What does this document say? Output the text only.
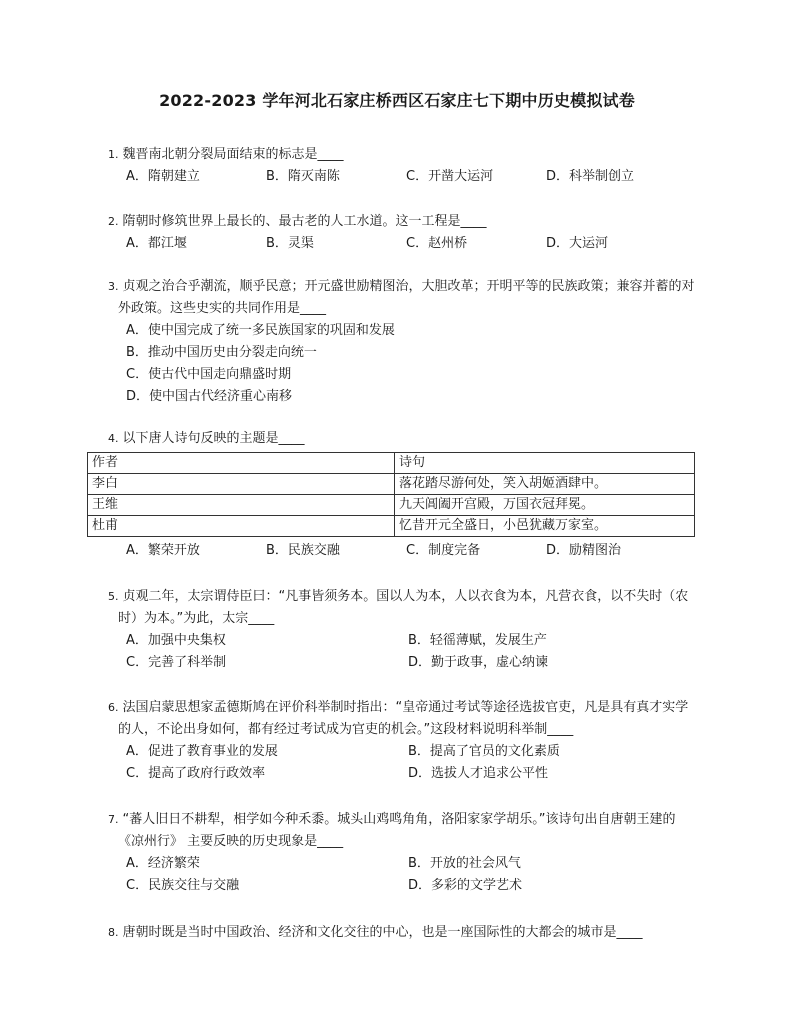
2022-2023 学年河北石家庄桥西区石家庄七下期中历史模拟试卷

1. 魏晋南北朝分裂局面结束的标志是____

A．隋朝建立	B．隋灭南陈	C．开凿大运河	D．科举制创立

2. 隋朝时修筑世界上最长的、最古老的人工水道。这一工程是____

A．都江堰	B．灵渠	C．赵州桥	D．大运河

3. 贞观之治合乎潮流，顺乎民意；开元盛世励精图治，大胆改革；开明平等的民族政策；兼容并蓄的对外政策。这些史实的共同作用是____

A．使中国完成了统一多民族国家的巩固和发展
B．推动中国历史由分裂走向统一
C．使古代中国走向鼎盛时期
D．使中国古代经济重心南移

4. 以下唐人诗句反映的主题是____

作者	诗句
李白	落花踏尽游何处，笑入胡姬酒肆中。
王维	九天阊阖开宫殿，万国衣冠拜冕。
杜甫	忆昔开元全盛日，小邑犹藏万家室。
A．繁荣开放	B．民族交融	C．制度完备	D．励精图治

5. 贞观二年，太宗谓侍臣曰：“凡事皆须务本。国以人为本，人以衣食为本，凡营衣食，以不失时（农时）为本。”为此，太宗____

A．加强中央集权	B．轻徭薄赋，发展生产
C．完善了科举制	D．勤于政事，虚心纳谏

6. 法国启蒙思想家孟德斯鸠在评价科举制时指出：“皇帝通过考试等途径选拔官吏，凡是具有真才实学的人，不论出身如何，都有经过考试成为官吏的机会。”这段材料说明科举制____

A．促进了教育事业的发展	B．提高了官员的文化素质
C．提高了政府行政效率	D．选拔人才追求公平性

7. “蕃人旧日不耕犁，相学如今种禾黍。城头山鸡鸣角角，洛阳家家学胡乐。”该诗句出自唐朝王建的《凉州行》 主要反映的历史现象是____

A．经济繁荣	B．开放的社会风气
C．民族交往与交融	D．多彩的文学艺术

8. 唐朝时既是当时中国政治、经济和文化交往的中心，也是一座国际性的大都会的城市是____
